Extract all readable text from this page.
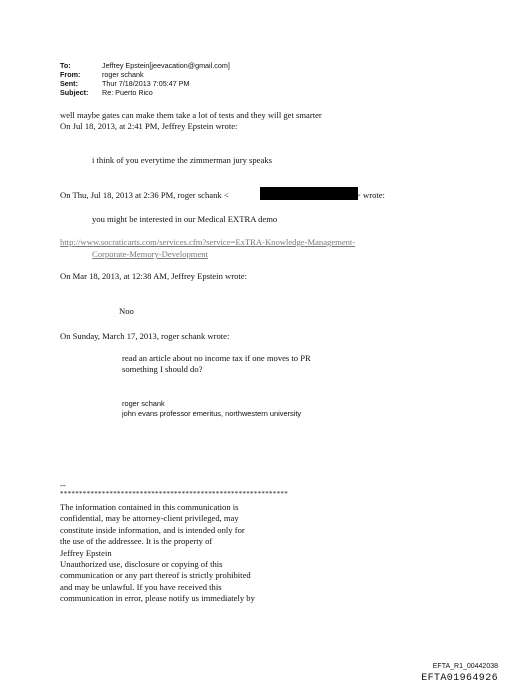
To:	Jeffrey Epstein[jeevacation@gmail.com]
From:	roger schank
Sent:	Thur 7/18/2013 7:05:47 PM
Subject: Re: Puerto Rico
well maybe gates can make them take a lot of tests and they will get smarter
On Jul 18, 2013, at 2:41 PM, Jeffrey Epstein wrote:
i think of you everytime the zimmerman jury speaks
On Thu, Jul 18, 2013 at 2:36 PM, roger schank <	> wrote:
you might be interested in our Medical EXTRA demo
http://www.socraticarts.com/services.cfm?service=ExTRA-Knowledge-Management-
Corporate-Memory-Development
On Mar 18, 2013, at 12:38 AM, Jeffrey Epstein wrote:
Noo
On Sunday, March 17, 2013, roger schank wrote:
read an article about no income tax if one moves to PR
something I should do?
roger schank
john evans professor emeritus, northwestern university
--
************************************************************
The information contained in this communication is
confidential, may be attorney-client privileged, may
constitute inside information, and is intended only for
the use of the addressee. It is the property of
Jeffrey Epstein
Unauthorized use, disclosure or copying of this
communication or any part thereof is strictly prohibited
and may be unlawful. If you have received this
communication in error, please notify us immediately by
EFTA_R1_00442038
EFTA01964926
